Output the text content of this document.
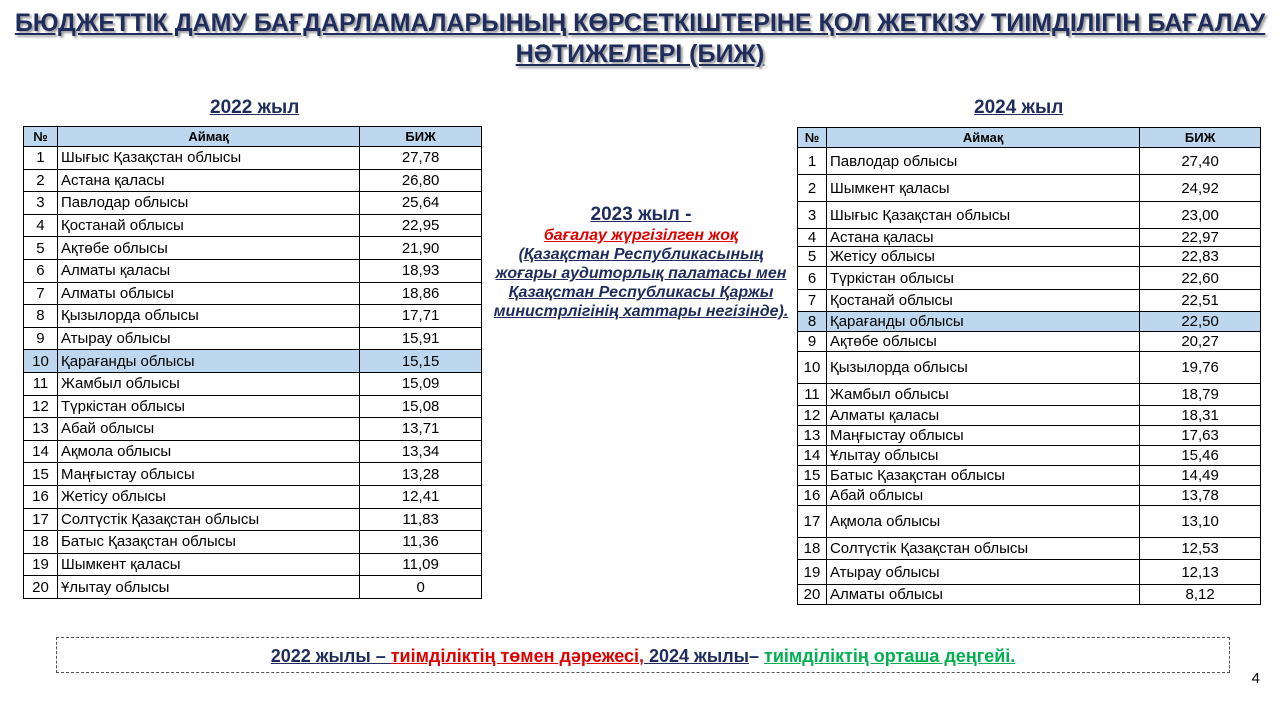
БЮДЖЕТТІК ДАМУ БАҒДАРЛАМАЛАРЫНЫҢ КӨРСЕТКІШТЕРІНЕ ҚОЛ ЖЕТКІЗУ ТИІМДІЛІГІН БАҒАЛАУ НӘТИЖЕЛЕРІ (БИЖ)
2022 жыл
№	Аймақ	БИЖ
1	Шығыс Қазақстан облысы	27,78
2	Астана қаласы	26,80
3	Павлодар облысы	25,64
4	Қостанай облысы	22,95
5	Ақтөбе облысы	21,90
6	Алматы қаласы	18,93
7	Алматы облысы	18,86
8	Қызылорда облысы	17,71
9	Атырау облысы	15,91
10	Қарағанды облысы	15,15
11	Жамбыл облысы	15,09
12	Түркістан облысы	15,08
13	Абай облысы	13,71
14	Ақмола облысы	13,34
15	Маңғыстау облысы	13,28
16	Жетісу облысы	12,41
17	Солтүстік Қазақстан облысы	11,83
18	Батыс Қазақстан облысы	11,36
19	Шымкент қаласы	11,09
20	Ұлытау облысы	0
2023 жыл -
бағалау жүргізілген жоқ
(Қазақстан Республикасының жоғары аудиторлық палатасы мен
Қазақстан Республикасы Қаржы министрлігінің хаттары негізінде).
2024 жыл
№	Аймақ	БИЖ
1	Павлодар облысы	27,40
2	Шымкент қаласы	24,92
3	Шығыс Қазақстан облысы	23,00
4	Астана қаласы	22,97
5	Жетісу облысы	22,83
6	Түркістан облысы	22,60
7	Қостанай облысы	22,51
8	Қарағанды облысы	22,50
9	Ақтөбе облысы	20,27
10	Қызылорда облысы	19,76
11	Жамбыл облысы	18,79
12	Алматы қаласы	18,31
13	Маңғыстау облысы	17,63
14	Ұлытау облысы	15,46
15	Батыс Қазақстан облысы	14,49
16	Абай облысы	13,78
17	Ақмола облысы	13,10
18	Солтүстік Қазақстан облысы	12,53
19	Атырау облысы	12,13
20	Алматы облысы	8,12
2022 жылы – тиімділіктің төмен дәрежесі, 2024 жылы– тиімділіктің орташа деңгейі.
4
